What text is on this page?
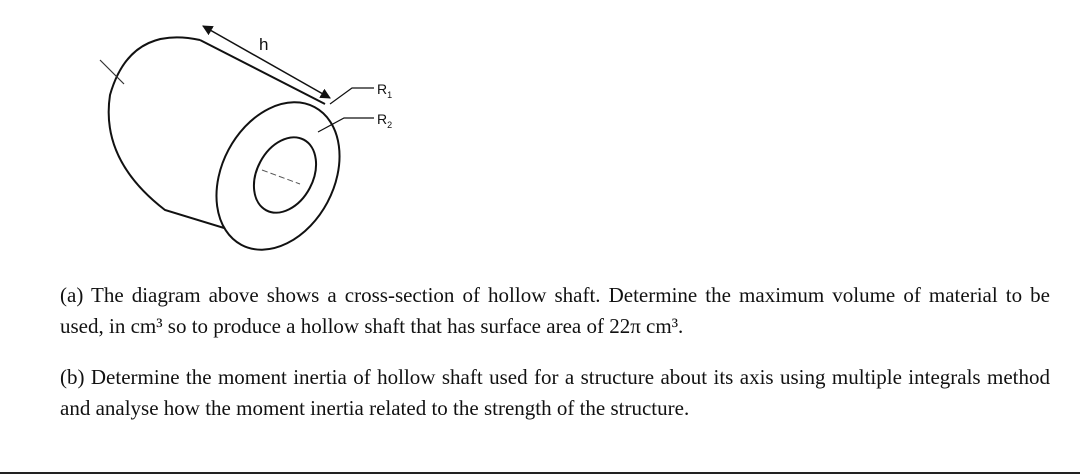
h
$R_1$
$R_2$

(a) The diagram above shows a cross-section of hollow shaft. Determine the maximum volume of material to be used, in cm³ so to produce a hollow shaft that has surface area of 22π cm³.

(b) Determine the moment inertia of hollow shaft used for a structure about its axis using multiple integrals method and analyse how the moment inertia related to the strength of the structure.
